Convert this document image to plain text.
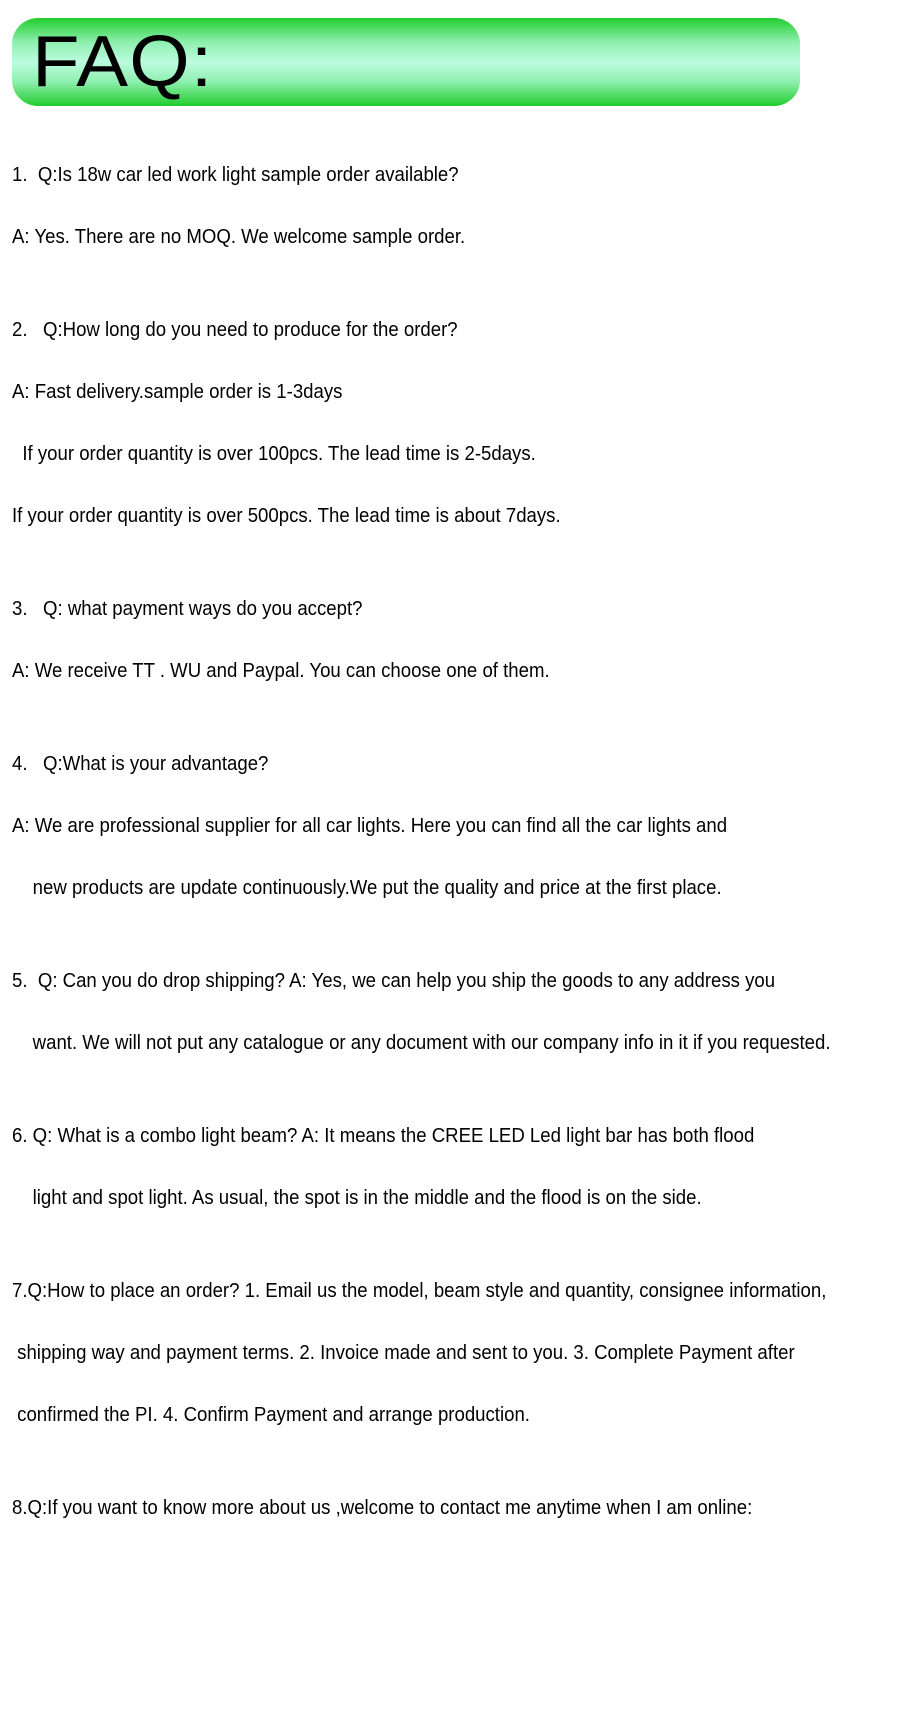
FAQ:
1.  Q:Is 18w car led work light sample order available?
A: Yes. There are no MOQ. We welcome sample order.
2.   Q:How long do you need to produce for the order?
A: Fast delivery.sample order is 1-3days
If your order quantity is over 100pcs. The lead time is 2-5days.
If your order quantity is over 500pcs. The lead time is about 7days.
3.   Q: what payment ways do you accept?
A: We receive TT . WU and Paypal. You can choose one of them.
4.   Q:What is your advantage?
A: We are professional supplier for all car lights. Here you can find all the car lights and
new products are update continuously.We put the quality and price at the first place.
5.  Q: Can you do drop shipping? A: Yes, we can help you ship the goods to any address you
want. We will not put any catalogue or any document with our company info in it if you requested.
6. Q: What is a combo light beam? A: It means the CREE LED Led light bar has both flood
light and spot light. As usual, the spot is in the middle and the flood is on the side.
7.Q:How to place an order? 1. Email us the model, beam style and quantity, consignee information,
shipping way and payment terms. 2. Invoice made and sent to you. 3. Complete Payment after
confirmed the PI. 4. Confirm Payment and arrange production.
8.Q:If you want to know more about us ,welcome to contact me anytime when I am online:
